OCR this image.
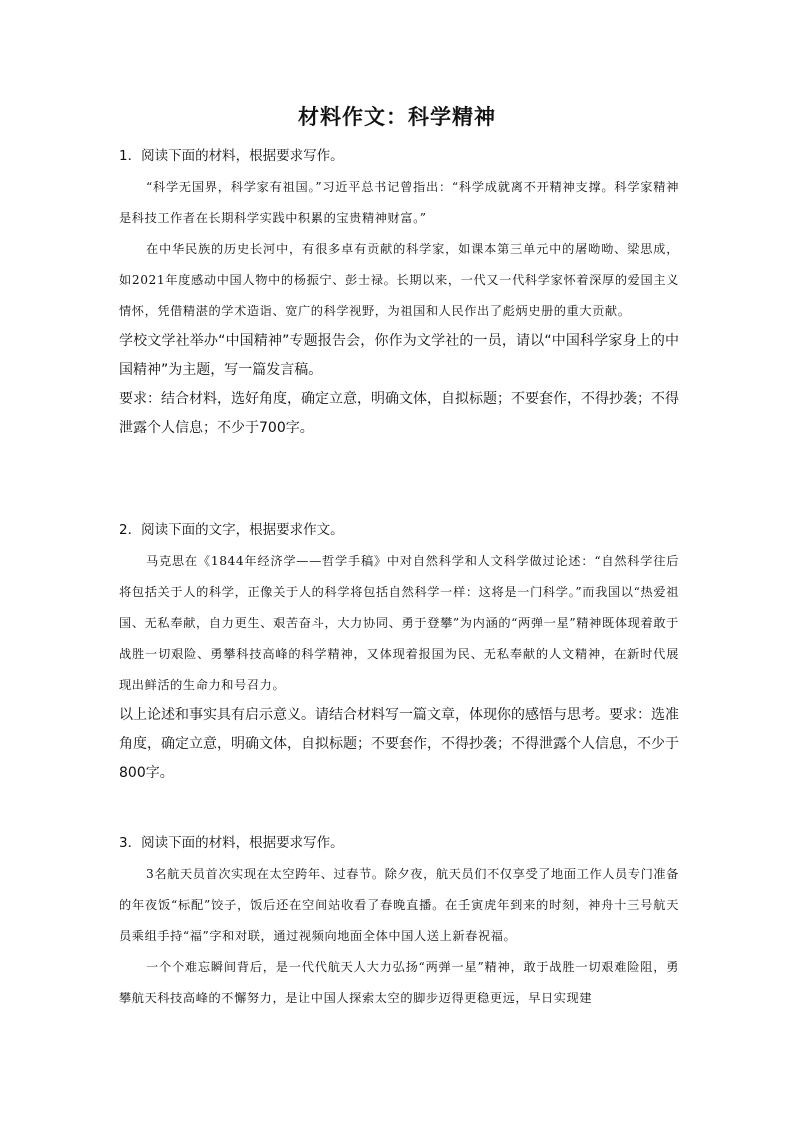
材料作文：科学精神
1．阅读下面的材料，根据要求写作。
“科学无国界，科学家有祖国。”习近平总书记曾指出：“科学成就离不开精神支撑。科学家精神是科技工作者在长期科学实践中积累的宝贵精神财富。”
在中华民族的历史长河中，有很多卓有贡献的科学家，如课本第三单元中的屠呦呦、梁思成，如2021年度感动中国人物中的杨振宁、彭士禄。长期以来，一代又一代科学家怀着深厚的爱国主义情怀，凭借精湛的学术造诣、宽广的科学视野，为祖国和人民作出了彪炳史册的重大贡献。
学校文学社举办“中国精神”专题报告会，你作为文学社的一员，请以“中国科学家身上的中国精神”为主题，写一篇发言稿。
要求：结合材料，选好角度，确定立意，明确文体，自拟标题；不要套作，不得抄袭；不得泄露个人信息；不少于700字。
2．阅读下面的文字，根据要求作文。
马克思在《1844年经济学——哲学手稿》中对自然科学和人文科学做过论述：“自然科学往后将包括关于人的科学，正像关于人的科学将包括自然科学一样：这将是一门科学。”而我国以“热爱祖国、无私奉献，自力更生、艰苦奋斗，大力协同、勇于登攀”为内涵的“两弹一星”精神既体现着敢于战胜一切艰险、勇攀科技高峰的科学精神，又体现着报国为民、无私奉献的人文精神，在新时代展现出鲜活的生命力和号召力。
以上论述和事实具有启示意义。请结合材料写一篇文章，体现你的感悟与思考。要求：选准角度，确定立意，明确文体，自拟标题；不要套作，不得抄袭；不得泄露个人信息，不少于800字。
3．阅读下面的材料，根据要求写作。
3名航天员首次实现在太空跨年、过春节。除夕夜，航天员们不仅享受了地面工作人员专门准备的年夜饭“标配”饺子，饭后还在空间站收看了春晚直播。在壬寅虎年到来的时刻，神舟十三号航天员乘组手持“福”字和对联，通过视频向地面全体中国人送上新春祝福。
一个个难忘瞬间背后，是一代代航天人大力弘扬“两弹一星”精神，敢于战胜一切艰难险阻，勇攀航天科技高峰的不懈努力，是让中国人探索太空的脚步迈得更稳更远，早日实现建
